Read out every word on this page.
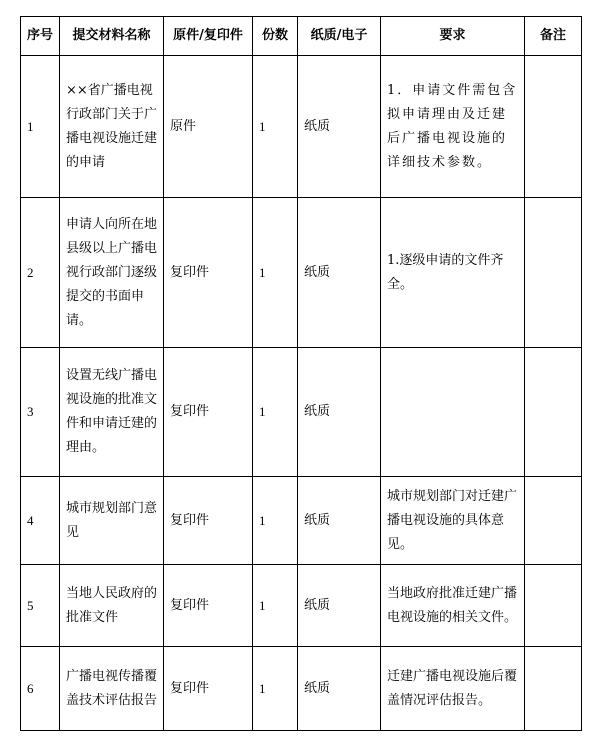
序号	提交材料名称	原件/复印件	份数	纸质/电子	要求	备注
1	××省广播电视行政部门关于广播电视设施迁建的申请	原件	1	纸质	1．申请文件需包含拟申请理由及迁建后广播电视设施的详细技术参数。	
2	申请人向所在地县级以上广播电视行政部门逐级提交的书面申请。	复印件	1	纸质	1.逐级申请的文件齐全。	
3	设置无线广播电视设施的批准文件和申请迁建的理由。	复印件	1	纸质		
4	城市规划部门意见	复印件	1	纸质	城市规划部门对迁建广播电视设施的具体意见。	
5	当地人民政府的批准文件	复印件	1	纸质	当地政府批准迁建广播电视设施的相关文件。	
6	广播电视传播覆盖技术评估报告	复印件	1	纸质	迁建广播电视设施后覆盖情况评估报告。	
